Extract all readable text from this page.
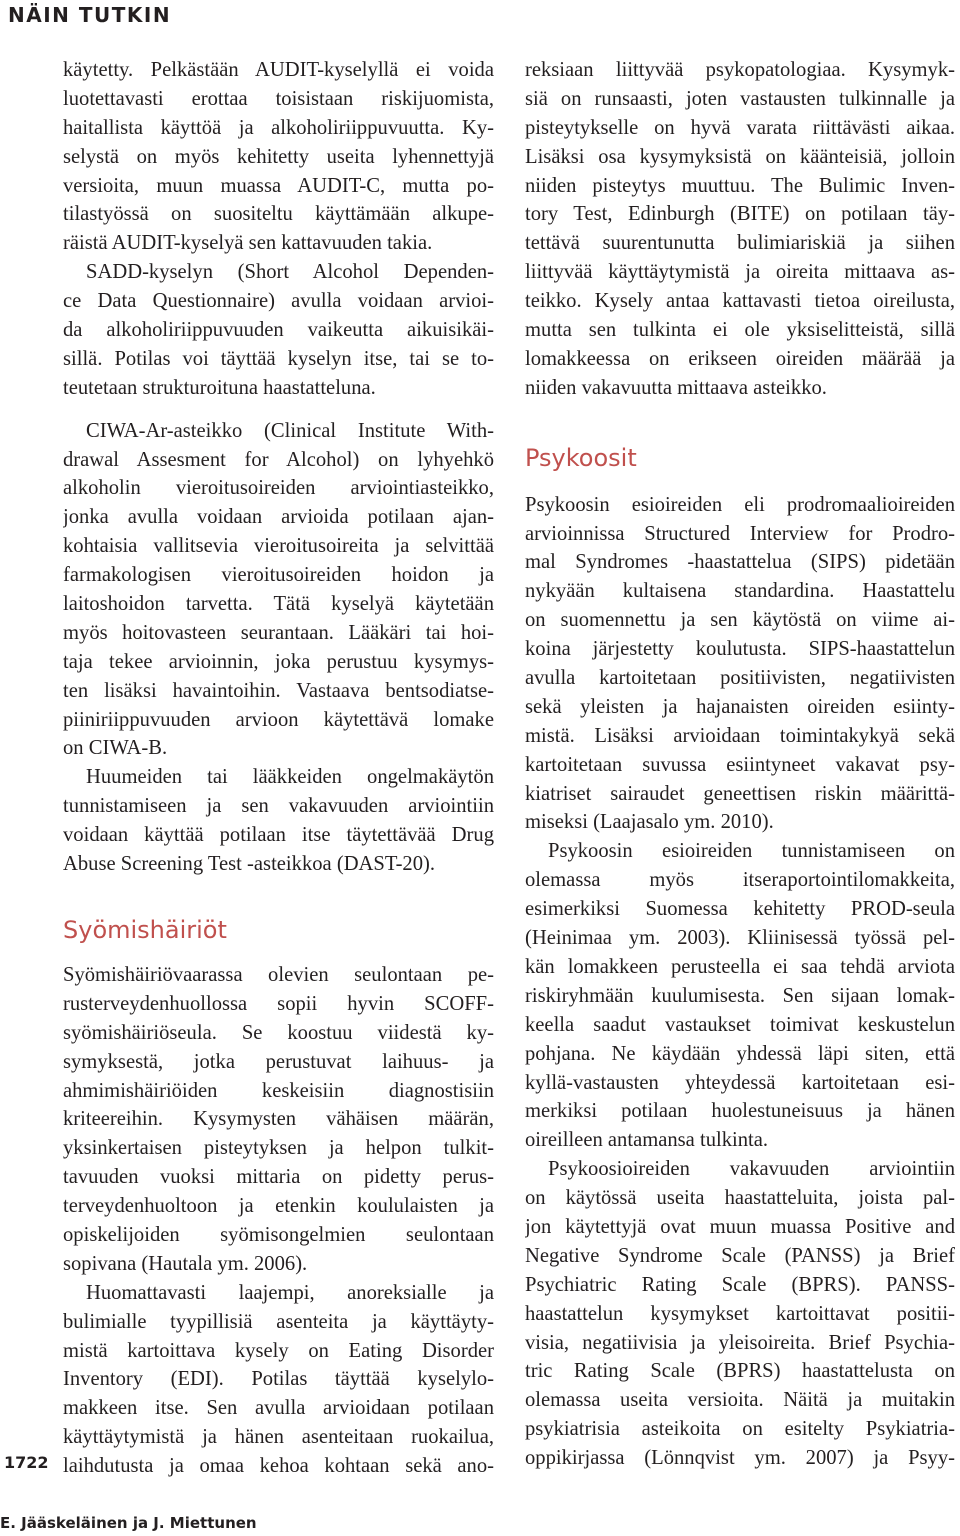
NÄIN TUTKIN
käytetty. Pelkästään AUDIT-kyselyllä ei voida
luotettavasti erottaa toisistaan riskijuomista,
haitallista käyttöä ja alkoholiriippuvuutta. Ky-
selystä on myös kehitetty useita lyhennettyjä
versioita, muun muassa AUDIT-C, mutta po-
tilastyössä on suositeltu käyttämään alkupe-
räistä AUDIT-kyselyä sen kattavuuden takia.
SADD-kyselyn (Short Alcohol Dependen-
ce Data Questionnaire) avulla voidaan arvioi-
da alkoholiriippuvuuden vaikeutta aikuisikäi-
sillä. Potilas voi täyttää kyselyn itse, tai se to-
teutetaan strukturoituna haastatteluna.
CIWA-Ar-asteikko (Clinical Institute With-
drawal Assesment for Alcohol) on lyhyehkö
alkoholin vieroitusoireiden arviointiasteikko,
jonka avulla voidaan arvioida potilaan ajan-
kohtaisia vallitsevia vieroitusoireita ja selvittää
farmakologisen vieroitusoireiden hoidon ja
laitoshoidon tarvetta. Tätä kyselyä käytetään
myös hoitovasteen seurantaan. Lääkäri tai hoi-
taja tekee arvioinnin, joka perustuu kysymys-
ten lisäksi havaintoihin. Vastaava bentsodiatse-
piiniriippuvuuden arvioon käytettävä lomake
on CIWA-B.
Huumeiden tai lääkkeiden ongelmakäytön
tunnistamiseen ja sen vakavuuden arviointiin
voidaan käyttää potilaan itse täytettävää Drug
Abuse Screening Test -asteikkoa (DAST-20).
Syömishäiriöt
Syömishäiriövaarassa olevien seulontaan pe-
rusterveydenhuollossa sopii hyvin SCOFF-
syömishäiriöseula. Se koostuu viidestä ky-
symyksestä, jotka perustuvat laihuus- ja
ahmimishäiriöiden keskeisiin diagnostisiin
kriteereihin. Kysymysten vähäisen määrän,
yksinkertaisen pisteytyksen ja helpon tulkit-
tavuuden vuoksi mittaria on pidetty perus-
terveydenhuoltoon ja etenkin koululaisten ja
opiskelijoiden syömisongelmien seulontaan
sopivana (Hautala ym. 2006).
Huomattavasti laajempi, anoreksialle ja
bulimialle tyypillisiä asenteita ja käyttäyty-
mistä kartoittava kysely on Eating Disorder
Inventory (EDI). Potilas täyttää kyselylo-
makkeen itse. Sen avulla arvioidaan potilaan
käyttäytymistä ja hänen asenteitaan ruokailua,
laihdutusta ja omaa kehoa kohtaan sekä ano-
reksiaan liittyvää psykopatologiaa. Kysymyk-
siä on runsaasti, joten vastausten tulkinnalle ja
pisteytykselle on hyvä varata riittävästi aikaa.
Lisäksi osa kysymyksistä on käänteisiä, jolloin
niiden pisteytys muuttuu. The Bulimic Inven-
tory Test, Edinburgh (BITE) on potilaan täy-
tettävä suurentunutta bulimiariskiä ja siihen
liittyvää käyttäytymistä ja oireita mittaava as-
teikko. Kysely antaa kattavasti tietoa oireilusta,
mutta sen tulkinta ei ole yksiselitteistä, sillä
lomakkeessa on erikseen oireiden määrää ja
niiden vakavuutta mittaava asteikko.
Psykoosit
Psykoosin esioireiden eli prodromaalioireiden
arvioinnissa Structured Interview for Prodro-
mal Syndromes -haastattelua (SIPS) pidetään
nykyään kultaisena standardina. Haastattelu
on suomennettu ja sen käytöstä on viime ai-
koina järjestetty koulutusta. SIPS-haastattelun
avulla kartoitetaan positiivisten, negatiivisten
sekä yleisten ja hajanaisten oireiden esiinty-
mistä. Lisäksi arvioidaan toimintakykyä sekä
kartoitetaan suvussa esiintyneet vakavat psy-
kiatriset sairaudet geneettisen riskin määrittä-
miseksi (Laajasalo ym. 2010).
Psykoosin esioireiden tunnistamiseen on
olemassa myös itseraportointilomakkeita,
esimerkiksi Suomessa kehitetty PROD-seula
(Heinimaa ym. 2003). Kliinisessä työssä pel-
kän lomakkeen perusteella ei saa tehdä arviota
riskiryhmään kuulumisesta. Sen sijaan lomak-
keella saadut vastaukset toimivat keskustelun
pohjana. Ne käydään yhdessä läpi siten, että
kyllä-vastausten yhteydessä kartoitetaan esi-
merkiksi potilaan huolestuneisuus ja hänen
oireilleen antamansa tulkinta.
Psykoosioireiden vakavuuden arviointiin
on käytössä useita haastatteluita, joista pal-
jon käytettyjä ovat muun muassa Positive and
Negative Syndrome Scale (PANSS) ja Brief
Psychiatric Rating Scale (BPRS). PANSS-
haastattelun kysymykset kartoittavat positii-
visia, negatiivisia ja yleisoireita. Brief Psychia-
tric Rating Scale (BPRS) haastattelusta on
olemassa useita versioita. Näitä ja muitakin
psykiatrisia asteikoita on esitelty Psykiatria-
oppikirjassa (Lönnqvist ym. 2007) ja Psyy-
1722
E. Jääskeläinen ja J. Miettunen
